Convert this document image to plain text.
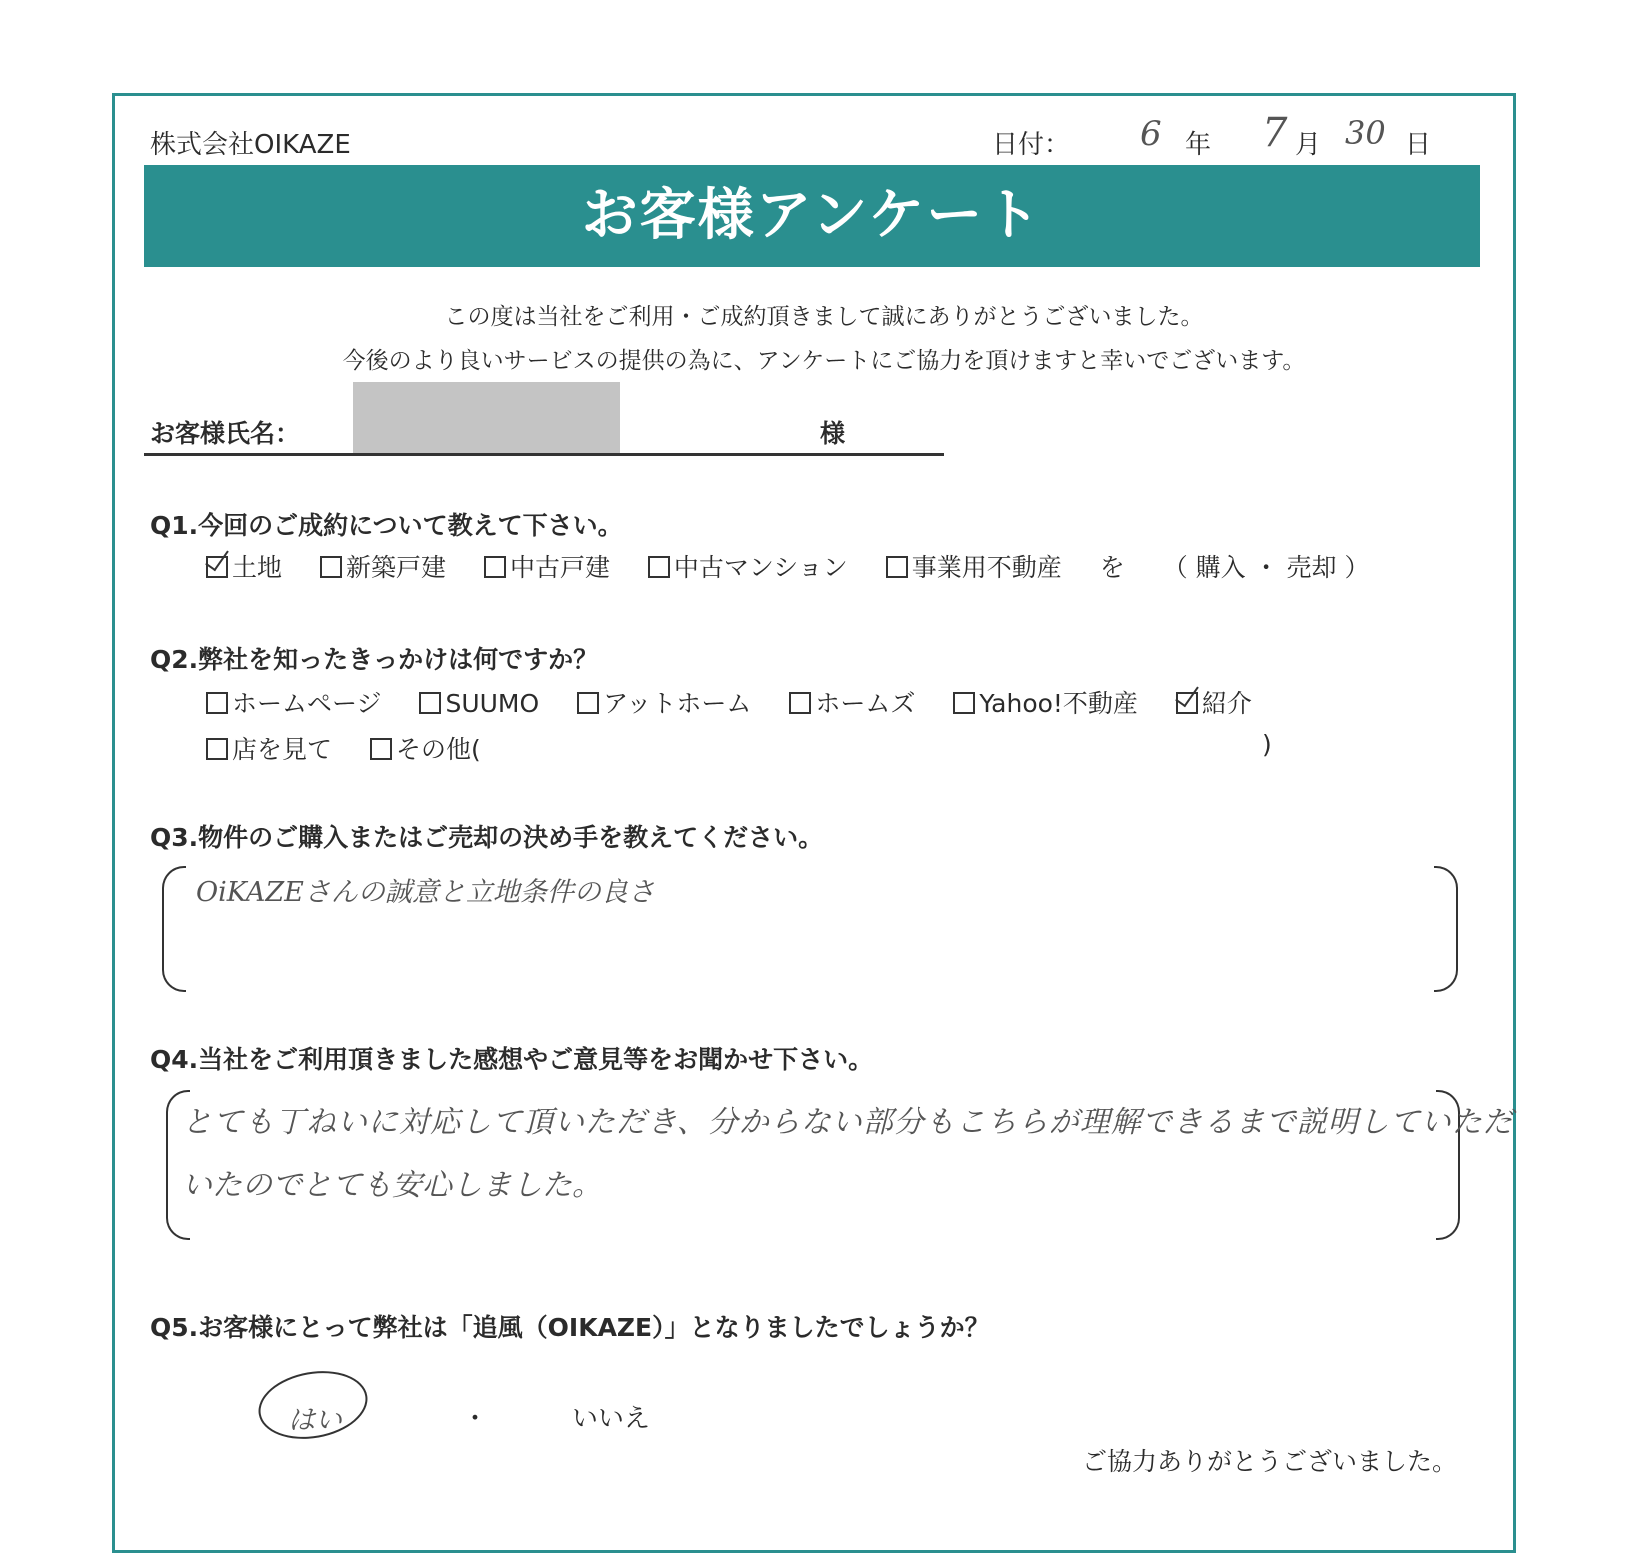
株式会社OIKAZE	日付： 6 年 7 月 30 日
お客様アンケート
この度は当社をご利用・ご成約頂きまして誠にありがとうございました。
今後のより良いサービスの提供の為に、アンケートにご協力を頂けますと幸いでございます。
お客様氏名：	様
Q1.今回のご成約について教えて下さい。
土地	新築戸建	中古戸建	中古マンション	事業用不動産 を （ 購入 ・ 売却 ）
Q2.弊社を知ったきっかけは何ですか？
ホームページ	SUUMO	アットホーム	ホームズ	Yahoo!不動産	紹介
店を見て	その他(	)
Q3.物件のご購入またはご売却の決め手を教えてください。
OiKAZEさんの誠意と立地条件の良さ
Q4.当社をご利用頂きました感想やご意見等をお聞かせ下さい。
とても丁ねいに対応して頂いただき、分からない部分もこちらが理解できるまで説明していただ
いたのでとても安心しました。
Q5.お客様にとって弊社は「追風（OIKAZE）」となりましたでしょうか？
はい	・	いいえ
ご協力ありがとうございました。
